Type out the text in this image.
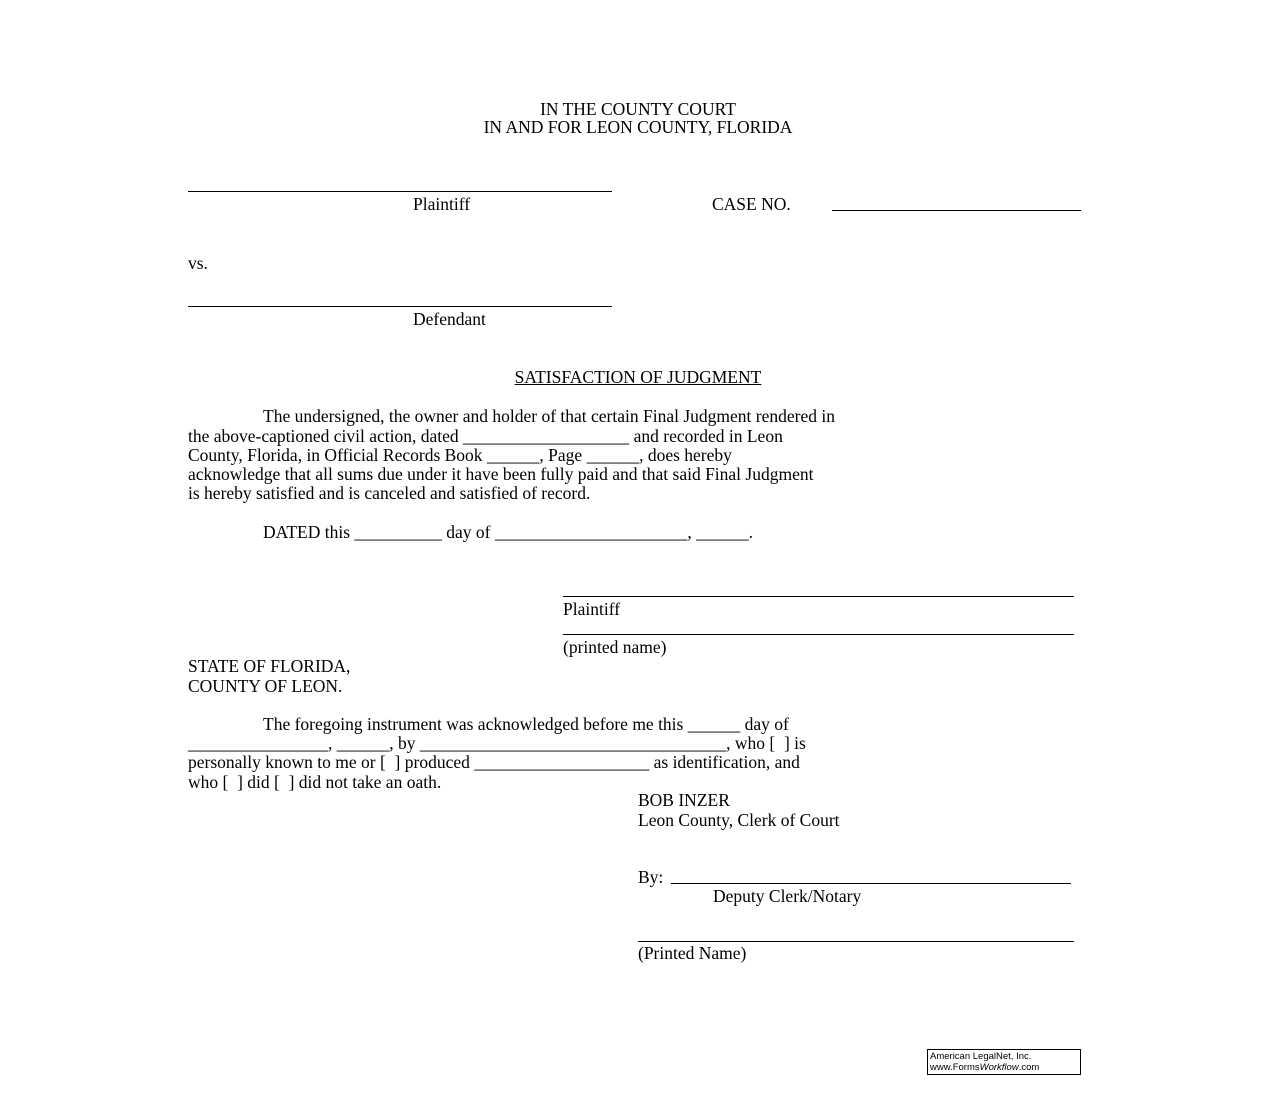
IN THE COUNTY COURT
IN AND FOR LEON COUNTY, FLORIDA
Plaintiff	CASE NO.
vs.
Defendant
SATISFACTION OF JUDGMENT
The undersigned, the owner and holder of that certain Final Judgment rendered in
the above-captioned civil action, dated ___________________ and recorded in Leon
County, Florida, in Official Records Book ______, Page ______, does hereby
acknowledge that all sums due under it have been fully paid and that said Final Judgment
is hereby satisfied and is canceled and satisfied of record.
DATED this __________ day of ______________________, ______.
Plaintiff
(printed name)
STATE OF FLORIDA,
COUNTY OF LEON.
The foregoing instrument was acknowledged before me this ______ day of
________________, ______, by ___________________________________, who [  ] is
personally known to me or [  ] produced ____________________ as identification, and
who [  ] did [  ] did not take an oath.
BOB INZER
Leon County, Clerk of Court
By:
Deputy Clerk/Notary
(Printed Name)
American LegalNet, Inc.
www.FormsWorkflow.com
